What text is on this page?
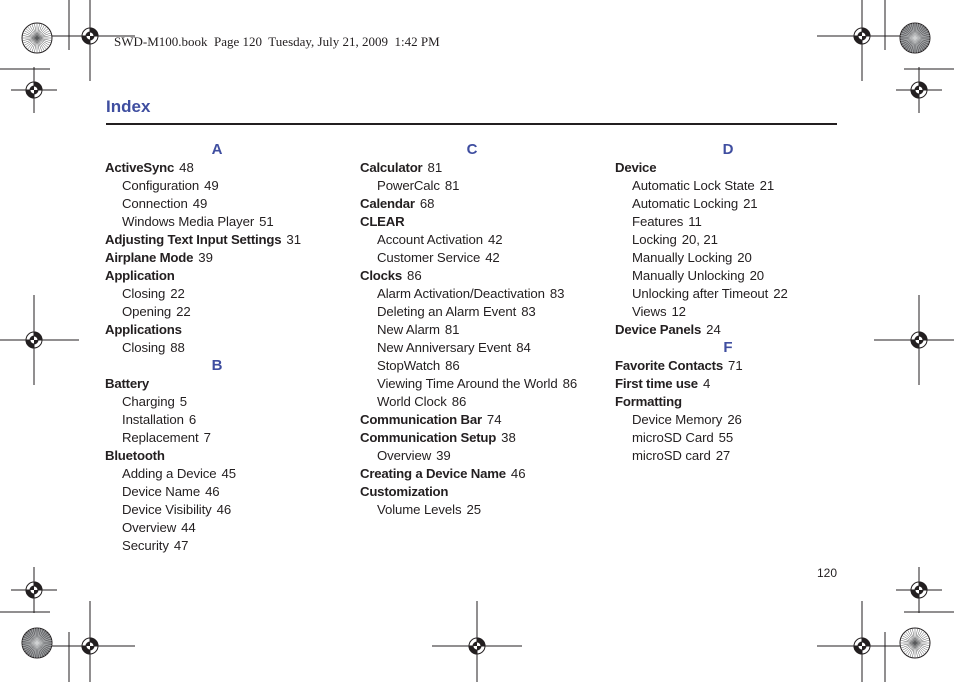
SWD-M100.book  Page 120  Tuesday, July 21, 2009  1:42 PM
Index
A
ActiveSync 48
Configuration 49
Connection 49
Windows Media Player 51
Adjusting Text Input Settings 31
Airplane Mode 39
Application
Closing 22
Opening 22
Applications
Closing 88
B
Battery
Charging 5
Installation 6
Replacement 7
Bluetooth
Adding a Device 45
Device Name 46
Device Visibility 46
Overview 44
Security 47
C
Calculator 81
PowerCalc 81
Calendar 68
CLEAR
Account Activation 42
Customer Service 42
Clocks 86
Alarm Activation/Deactivation 83
Deleting an Alarm Event 83
New Alarm 81
New Anniversary Event 84
StopWatch 86
Viewing Time Around the World 86
World Clock 86
Communication Bar 74
Communication Setup 38
Overview 39
Creating a Device Name 46
Customization
Volume Levels 25
D
Device
Automatic Lock State 21
Automatic Locking 21
Features 11
Locking 20, 21
Manually Locking 20
Manually Unlocking 20
Unlocking after Timeout 22
Views 12
Device Panels 24
F
Favorite Contacts 71
First time use 4
Formatting
Device Memory 26
microSD Card 55
microSD card 27
120
